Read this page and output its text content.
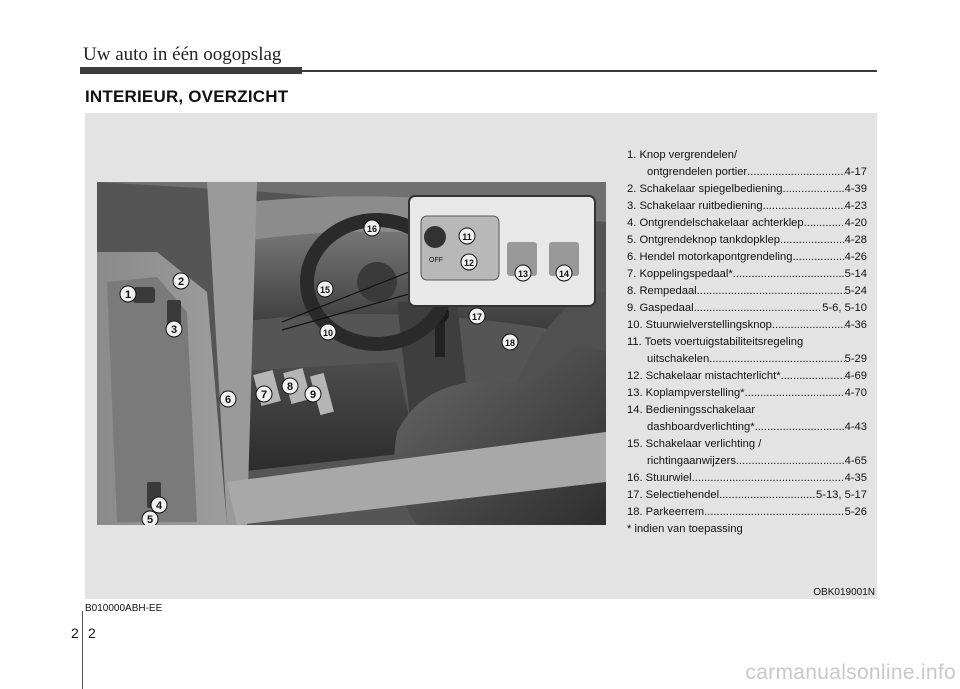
Uw auto in één oogopslag
INTERIEUR, OVERZICHT
OFF
1
2
3
4
5
6	7
8
9
10
11
12
13	14
15
16
17
18
1. Knop vergrendelen/
ontgrendelen portier .....	4-17
2. Schakelaar spiegelbediening .....	4-39
3. Schakelaar ruitbediening .....	4-23
4. Ontgrendelschakelaar achterklep .....	4-20
5. Ontgrendeknop tankdopklep .....	4-28
6. Hendel motorkapontgrendeling .....	4-26
7. Koppelingspedaal* .....	5-14
8. Rempedaal .....	5-24
9. Gaspedaal .....	5-6, 5-10
10. Stuurwielverstellingsknop .....	4-36
11. Toets voertuigstabiliteitsregeling
uitschakelen .....	5-29
12. Schakelaar mistachterlicht* .....	4-69
13. Koplampverstelling* .....	4-70
14. Bedieningsschakelaar
dashboardverlichting* .....	4-43
15. Schakelaar verlichting /
richtingaanwijzers .....	4-65
16. Stuurwiel .....	4-35
17. Selectiehendel .....	5-13, 5-17
18. Parkeerrem .....	5-26
* indien van toepassing
OBK019001N
B010000ABH-EE
2 2
carmanualsonline.info
